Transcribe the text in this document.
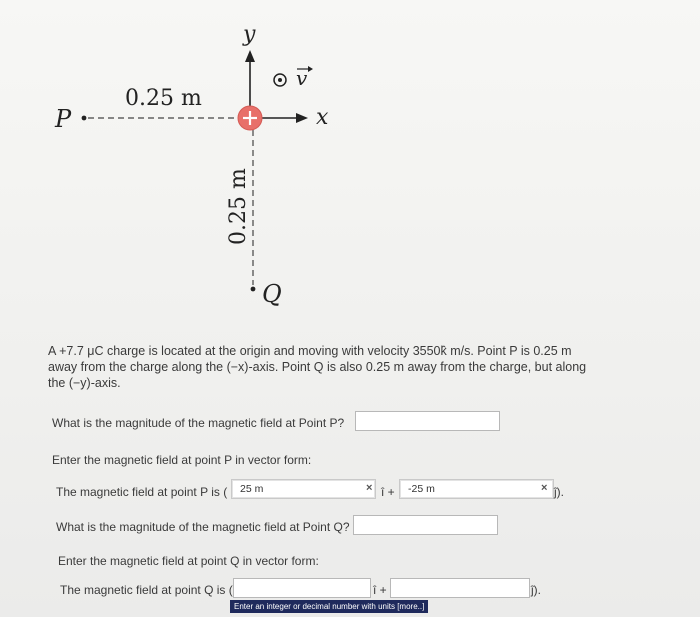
y
x
v
P
0.25 m
Q
0.25 m
A +7.7 μC charge is located at the origin and moving with velocity 3550k̂ m/s. Point P is 0.25 m
away from the charge along the (−x)-axis. Point Q is also 0.25 m away from the charge, but along
the (−y)-axis.
What is the magnitude of the magnetic field at Point P?
Enter the magnetic field at point P in vector form:
The magnetic field at point P is (	25 m	× î +	-25 m	× ĵ).
What is the magnitude of the magnetic field at Point Q?
Enter the magnetic field at point Q in vector form:
The magnetic field at point Q is (	î +	ĵ).
Enter an integer or decimal number with units [more..]
